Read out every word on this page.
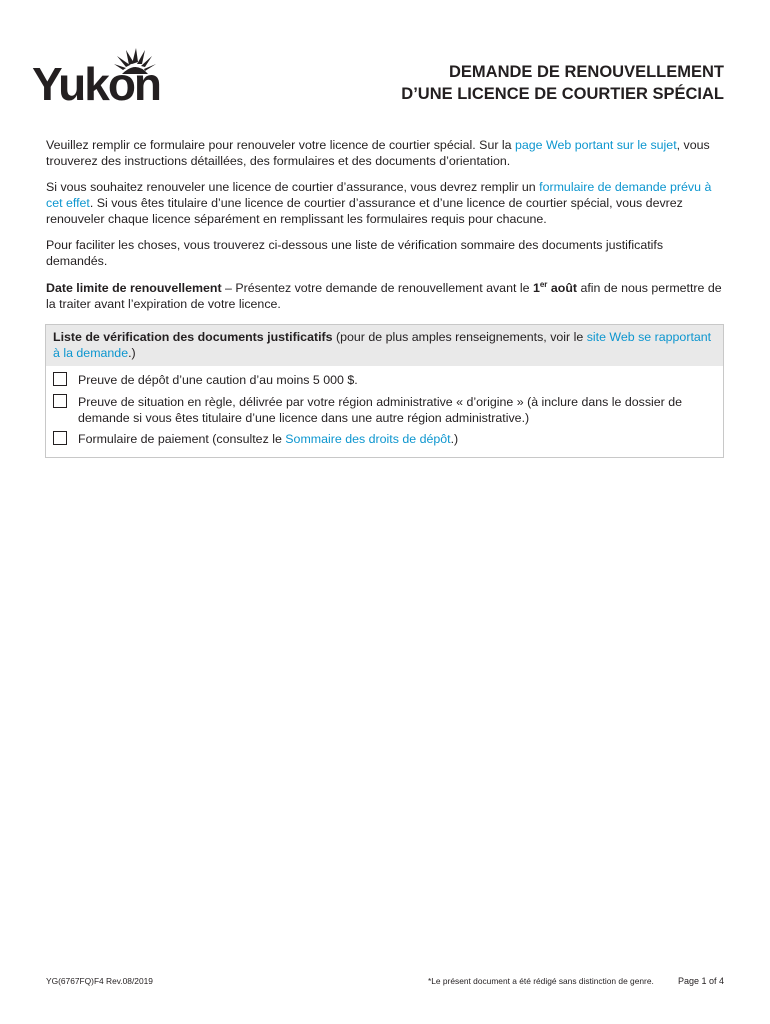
Yukon	DEMANDE DE RENOUVELLEMENT
D’UNE LICENCE DE COURTIER SPÉCIAL
Veuillez remplir ce formulaire pour renouveler votre licence de courtier spécial. Sur la page Web portant sur le sujet, vous trouverez des instructions détaillées, des formulaires et des documents d’orientation.
Si vous souhaitez renouveler une licence de courtier d’assurance, vous devrez remplir un formulaire de demande prévu à cet effet. Si vous êtes titulaire d’une licence de courtier d’assurance et d’une licence de courtier spécial, vous devrez renouveler chaque licence séparément en remplissant les formulaires requis pour chacune.
Pour faciliter les choses, vous trouverez ci-dessous une liste de vérification sommaire des documents justificatifs demandés.
Date limite de renouvellement – Présentez votre demande de renouvellement avant le 1er août afin de nous permettre de la traiter avant l’expiration de votre licence.
Liste de vérification des documents justificatifs (pour de plus amples renseignements, voir le site Web se rapportant à la demande.)
Preuve de dépôt d’une caution d’au moins 5 000 $.
Preuve de situation en règle, délivrée par votre région administrative « d’origine » (à inclure dans le dossier de demande si vous êtes titulaire d’une licence dans une autre région administrative.)
Formulaire de paiement (consultez le Sommaire des droits de dépôt.)
YG(6767FQ)F4 Rev.08/2019	*Le présent document a été rédigé sans distinction de genre.	Page 1 of 4
